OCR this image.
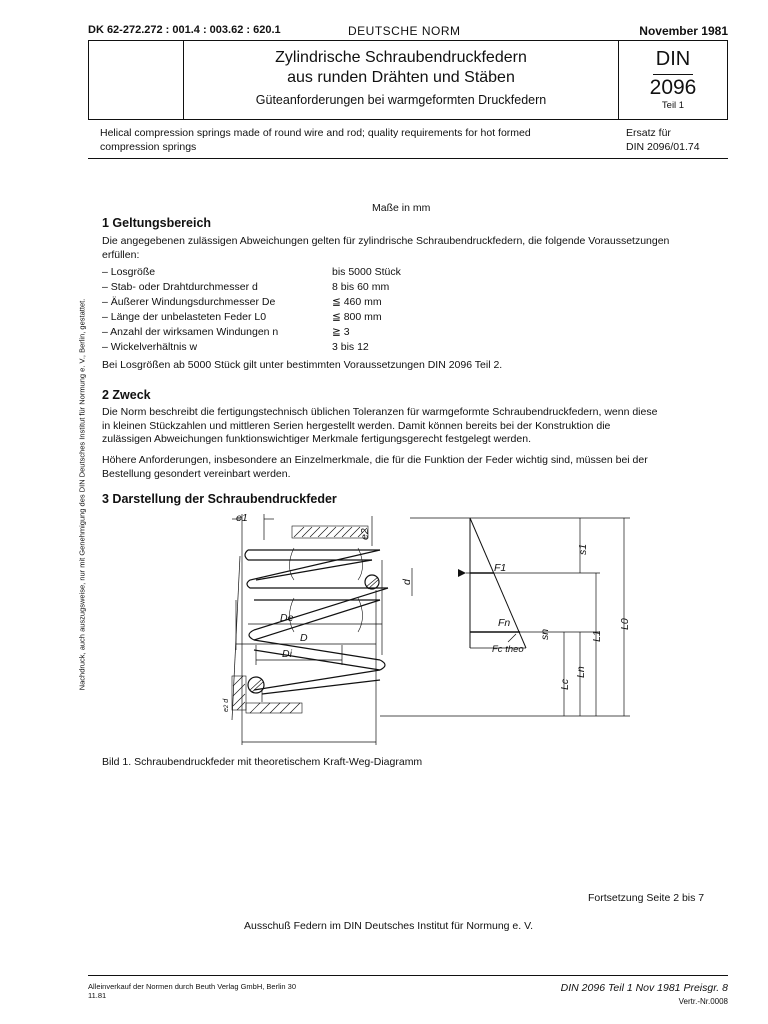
DK 62-272.272 : 001.4 : 003.62 : 620.1	DEUTSCHE NORM	November 1981
Zylindrische Schraubendruckfedern
aus runden Drähten und Stäben
Güteanforderungen bei warmgeformten Druckfedern
DIN
2096
Teil 1
Helical compression springs made of round wire and rod; quality requirements for hot formed
compression springs
Ersatz für
DIN 2096/01.74
Maße in mm
1 Geltungsbereich
Die angegebenen zulässigen Abweichungen gelten für zylindrische Schraubendruckfedern, die folgende Voraussetzungen
erfüllen:
– Losgröße	bis 5000 Stück
– Stab- oder Drahtdurchmesser d	8 bis 60 mm
– Äußerer Windungsdurchmesser De	≦ 460 mm
– Länge der unbelasteten Feder L0	≦ 800 mm
– Anzahl der wirksamen Windungen n	≧ 3
– Wickelverhältnis w	3 bis 12
Bei Losgrößen ab 5000 Stück gilt unter bestimmten Voraussetzungen DIN 2096 Teil 2.
2 Zweck
Die Norm beschreibt die fertigungstechnisch üblichen Toleranzen für warmgeformte Schraubendruckfedern, wenn diese
in kleinen Stückzahlen und mittleren Serien hergestellt werden. Damit können bereits bei der Konstruktion die
zulässigen Abweichungen funktionswichtiger Merkmale fertigungsgerecht festgelegt werden.
Höhere Anforderungen, insbesondere an Einzelmerkmale, die für die Funktion der Feder wichtig sind, müssen bei der
Bestellung gesondert vereinbart werden.
3 Darstellung der Schraubendruckfeder
e1
e2
d
De
D
Di
e2 d
F1
Fn
Fc theo
s1
sn
L0
L1
Ln
Lc
Bild 1. Schraubendruckfeder mit theoretischem Kraft-Weg-Diagramm
Fortsetzung Seite 2 bis 7
Ausschuß Federn im DIN Deutsches Institut für Normung e. V.
Alleinverkauf der Normen durch Beuth Verlag GmbH, Berlin 30
11.81
DIN 2096 Teil 1 Nov 1981 Preisgr. 8
Vertr.-Nr.0008
Nachdruck, auch auszugsweise, nur mit Genehmigung des DIN Deutsches Institut für Normung e. V., Berlin, gestattet.
